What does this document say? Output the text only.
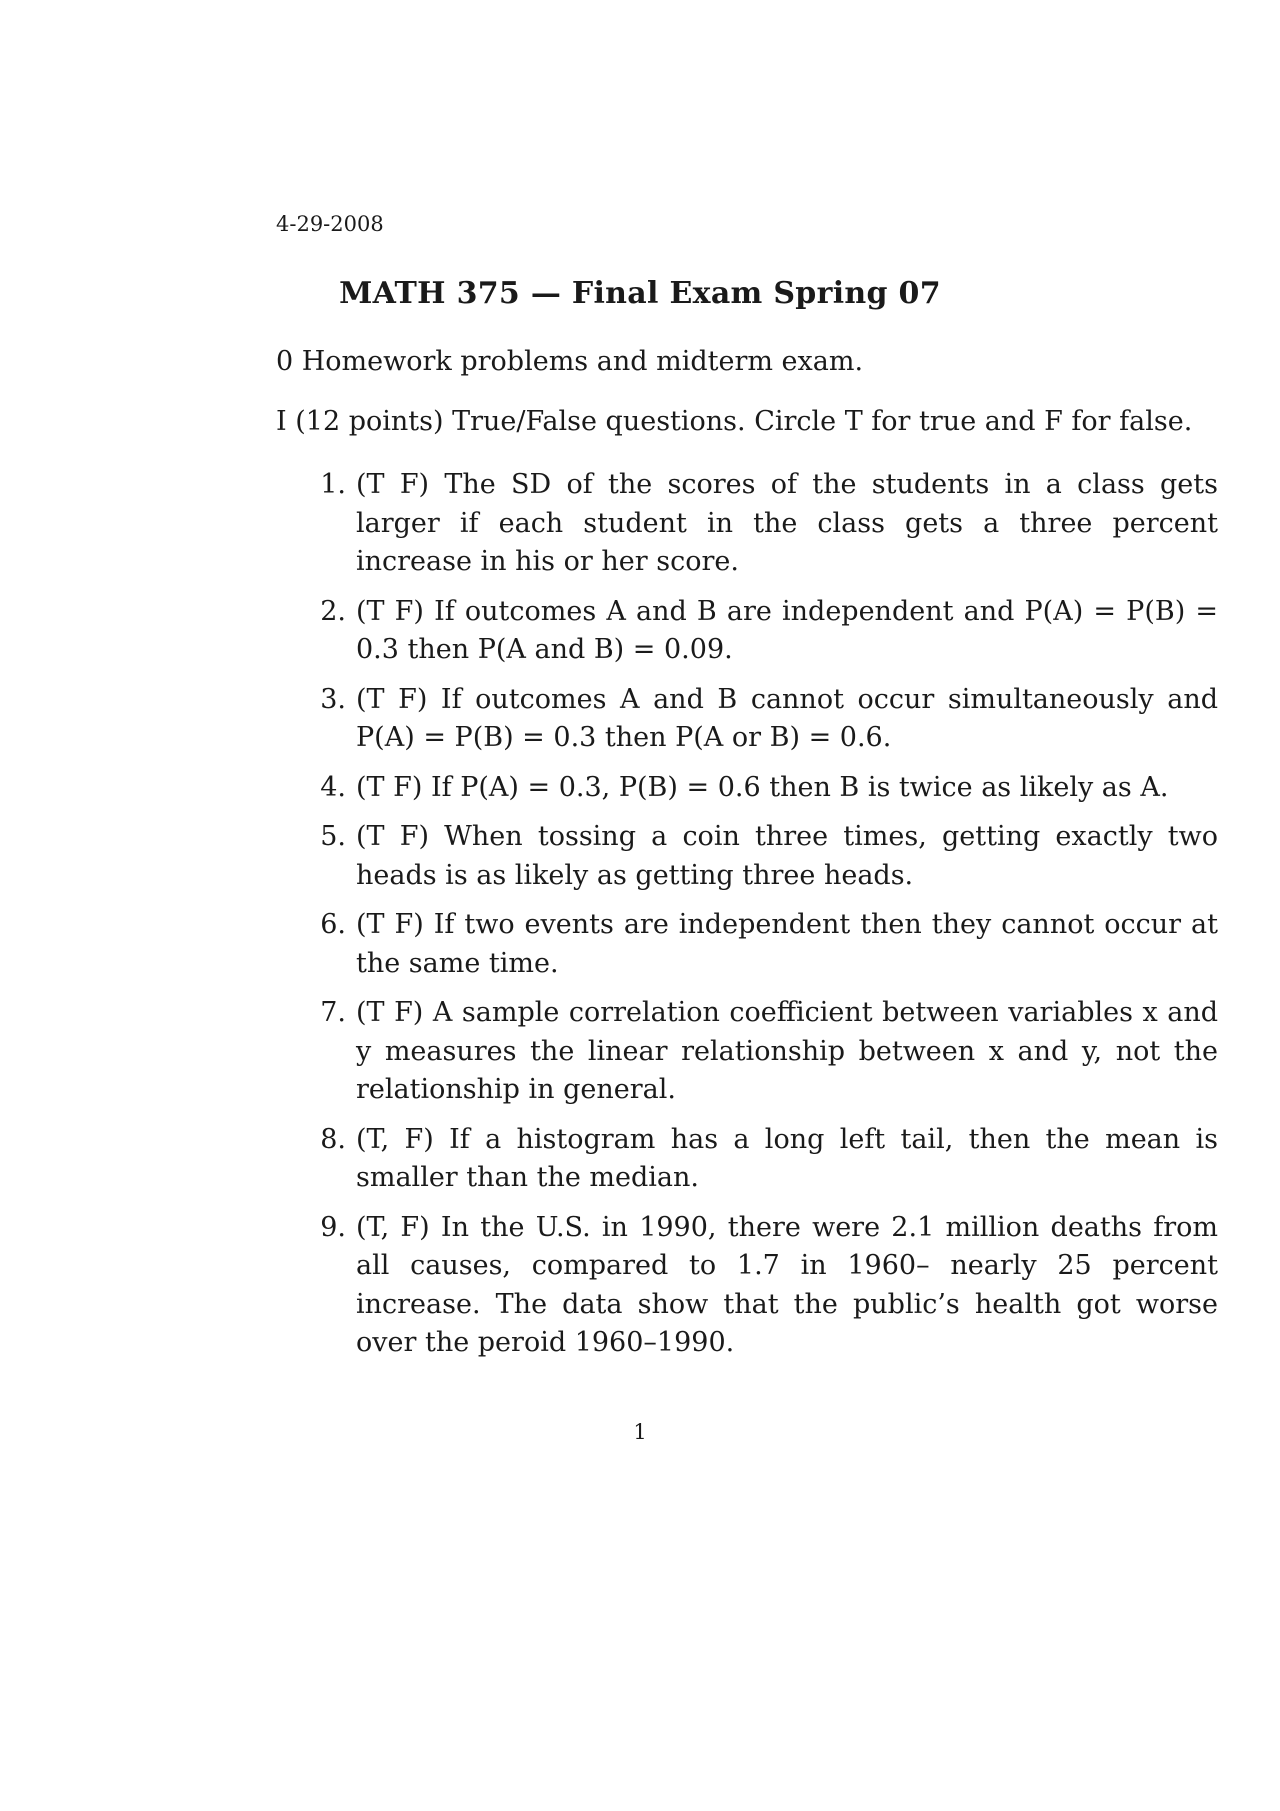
4-29-2008
MATH 375 — Final Exam Spring 07
0 Homework problems and midterm exam.
I (12 points) True/False questions. Circle T for true and F for false.
1. (T F) The SD of the scores of the students in a class gets larger if each student in the class gets a three percent increase in his or her score.
2. (T F) If outcomes A and B are independent and P(A) = P(B) = 0.3 then P(A and B) = 0.09.
3. (T F) If outcomes A and B cannot occur simultaneously and P(A) = P(B) = 0.3 then P(A or B) = 0.6.
4. (T F) If P(A) = 0.3, P(B) = 0.6 then B is twice as likely as A.
5. (T F) When tossing a coin three times, getting exactly two heads is as likely as getting three heads.
6. (T F) If two events are independent then they cannot occur at the same time.
7. (T F) A sample correlation coefficient between variables x and y measures the linear relationship between x and y, not the relationship in general.
8. (T, F) If a histogram has a long left tail, then the mean is smaller than the median.
9. (T, F) In the U.S. in 1990, there were 2.1 million deaths from all causes, compared to 1.7 in 1960– nearly 25 percent increase. The data show that the public’s health got worse over the peroid 1960–1990.
1
